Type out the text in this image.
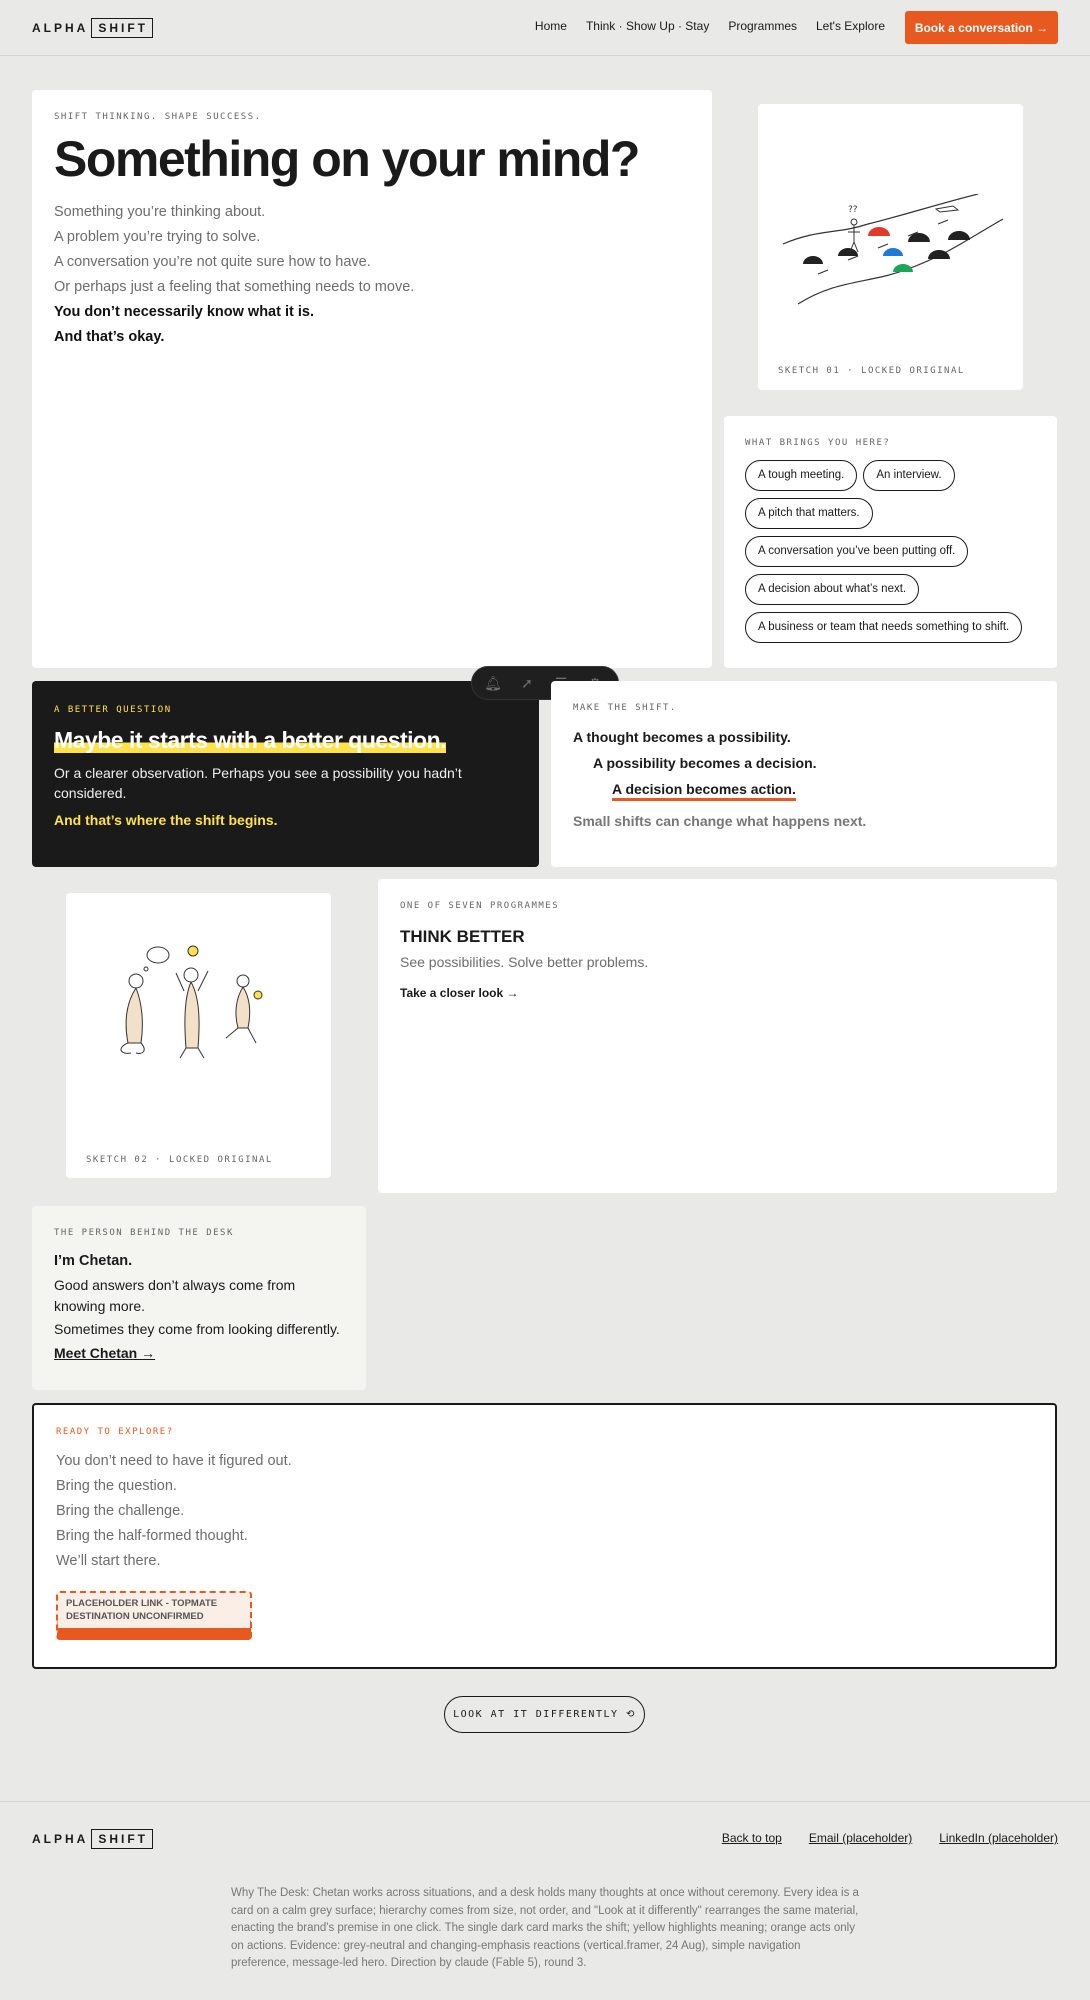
ALPHA SHIFT	Home Think · Show Up · Stay Programmes Let's Explore	Book a conversation →
SHIFT THINKING. SHAPE SUCCESS.
Something on your mind?
Something you’re thinking about.
A problem you’re trying to solve.
A conversation you’re not quite sure how to have.
Or perhaps just a feeling that something needs to move.
You don’t necessarily know what it is.
And that’s okay.
??
SKETCH 01 · LOCKED ORIGINAL
WHAT BRINGS YOU HERE?
A tough meeting.	An interview.
A pitch that matters.
A conversation you’ve been putting off.
A decision about what’s next.
A business or team that needs something to shift.
A BETTER QUESTION
Maybe it starts with a better question.
Or a clearer observation. Perhaps you see a possibility you hadn’t considered.
And that’s where the shift begins.
🔔︎	➚
MAKE THE SHIFT.
A thought becomes a possibility.
A possibility becomes a decision.
A decision becomes action.
Small shifts can change what happens next.
SKETCH 02 · LOCKED ORIGINAL
ONE OF SEVEN PROGRAMMES
THINK BETTER
See possibilities. Solve better problems.
Take a closer look →
THE PERSON BEHIND THE DESK
I’m Chetan.
Good answers don’t always come from knowing more.
Sometimes they come from looking differently.
Meet Chetan →
READY TO EXPLORE?
You don’t need to have it figured out.
Bring the question.
Bring the challenge.
Bring the half-formed thought.
We’ll start there.
PLACEHOLDER LINK - TOPMATE DESTINATION UNCONFIRMED
LOOK AT IT DIFFERENTLY ⟲
ALPHA SHIFT	Back to top Email (placeholder) LinkedIn (placeholder)
Why The Desk: Chetan works across situations, and a desk holds many thoughts at once without ceremony. Every idea is a card on a calm grey surface; hierarchy comes from size, not order, and "Look at it differently" rearranges the same material, enacting the brand's premise in one click. The single dark card marks the shift; yellow highlights meaning; orange acts only on actions. Evidence: grey-neutral and changing-emphasis reactions (vertical.framer, 24 Aug), simple navigation preference, message-led hero. Direction by claude (Fable 5), round 3.
